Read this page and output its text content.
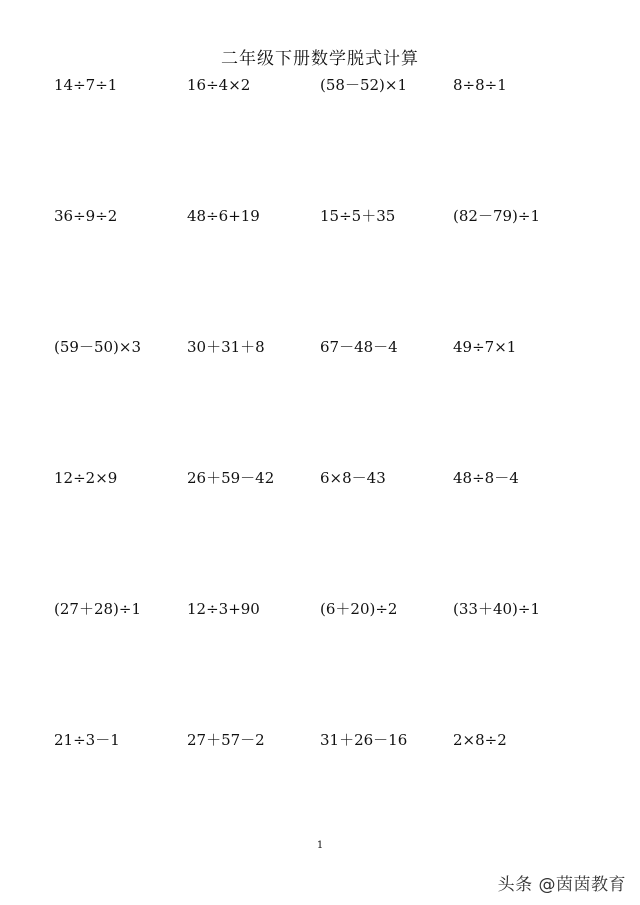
二年级下册数学脱式计算
14÷7÷1	16÷4×2	(58－52)×1	8÷8÷1
36÷9÷2	48÷6+19	15÷5＋35	(82－79)÷1
(59－50)×3	30＋31＋8	67－48－4	49÷7×1
12÷2×9	26＋59－42	6×8－43	48÷8－4
(27＋28)÷1	12÷3+90	(6＋20)÷2	(33＋40)÷1
21÷3－1	27＋57－2	31＋26－16	2×8÷2
1
头条 @茵茵教育
